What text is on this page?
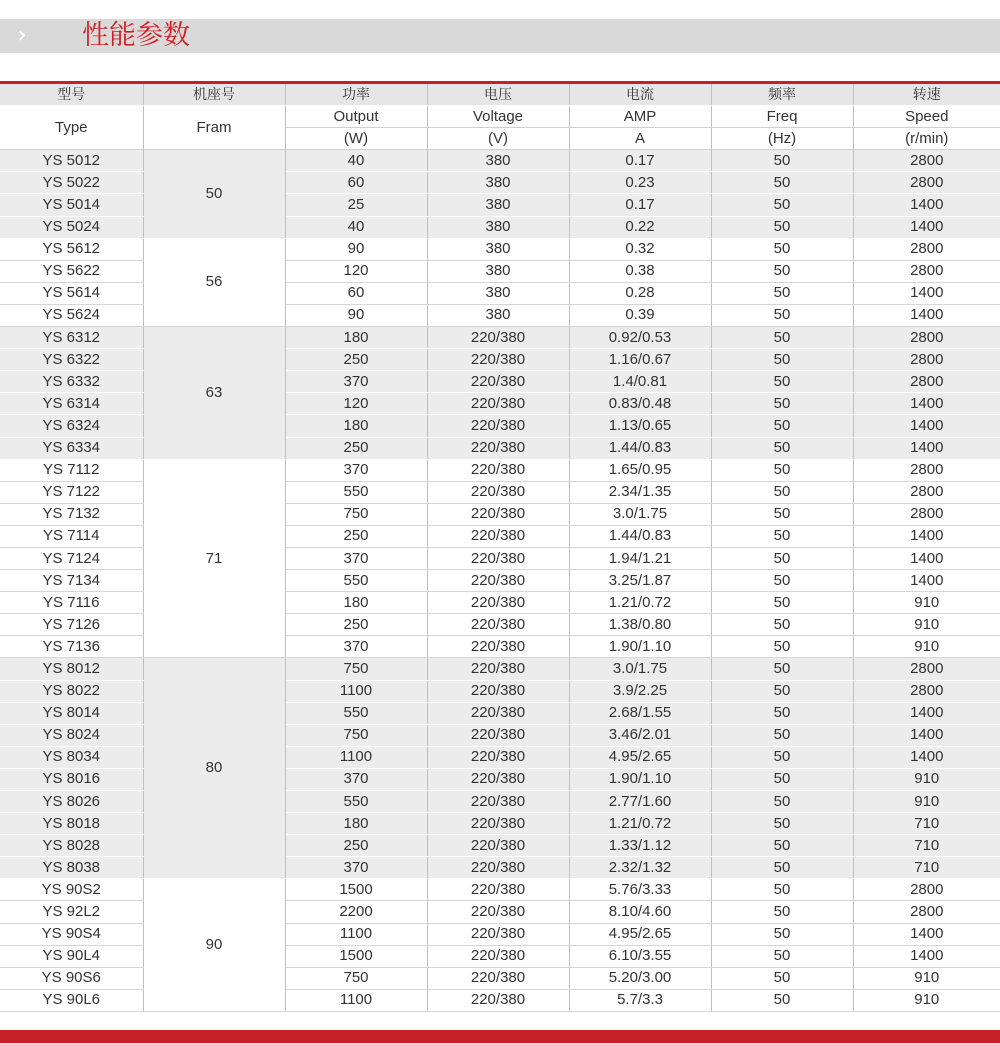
性能参数
型号	机座号	功率	电压	电流	频率	转速
Type	Fram	Output	Voltage	AMP	Freq	Speed
		(W)	(V)	A	(Hz)	(r/min)
YS 5012	50	40	380	0.17	50	2800
YS 5022		60	380	0.23	50	2800
YS 5014		25	380	0.17	50	1400
YS 5024		40	380	0.22	50	1400
YS 5612	56	90	380	0.32	50	2800
YS 5622		120	380	0.38	50	2800
YS 5614		60	380	0.28	50	1400
YS 5624		90	380	0.39	50	1400
YS 6312	63	180	220/380	0.92/0.53	50	2800
YS 6322		250	220/380	1.16/0.67	50	2800
YS 6332		370	220/380	1.4/0.81	50	2800
YS 6314		120	220/380	0.83/0.48	50	1400
YS 6324		180	220/380	1.13/0.65	50	1400
YS 6334		250	220/380	1.44/0.83	50	1400
YS 7112	71	370	220/380	1.65/0.95	50	2800
YS 7122		550	220/380	2.34/1.35	50	2800
YS 7132		750	220/380	3.0/1.75	50	2800
YS 7114		250	220/380	1.44/0.83	50	1400
YS 7124		370	220/380	1.94/1.21	50	1400
YS 7134		550	220/380	3.25/1.87	50	1400
YS 7116		180	220/380	1.21/0.72	50	910
YS 7126		250	220/380	1.38/0.80	50	910
YS 7136		370	220/380	1.90/1.10	50	910
YS 8012	80	750	220/380	3.0/1.75	50	2800
YS 8022		1100	220/380	3.9/2.25	50	2800
YS 8014		550	220/380	2.68/1.55	50	1400
YS 8024		750	220/380	3.46/2.01	50	1400
YS 8034		1100	220/380	4.95/2.65	50	1400
YS 8016		370	220/380	1.90/1.10	50	910
YS 8026		550	220/380	2.77/1.60	50	910
YS 8018		180	220/380	1.21/0.72	50	710
YS 8028		250	220/380	1.33/1.12	50	710
YS 8038		370	220/380	2.32/1.32	50	710
YS 90S2	90	1500	220/380	5.76/3.33	50	2800
YS 92L2		2200	220/380	8.10/4.60	50	2800
YS 90S4		1100	220/380	4.95/2.65	50	1400
YS 90L4		1500	220/380	6.10/3.55	50	1400
YS 90S6		750	220/380	5.20/3.00	50	910
YS 90L6		1100	220/380	5.7/3.3	50	910
